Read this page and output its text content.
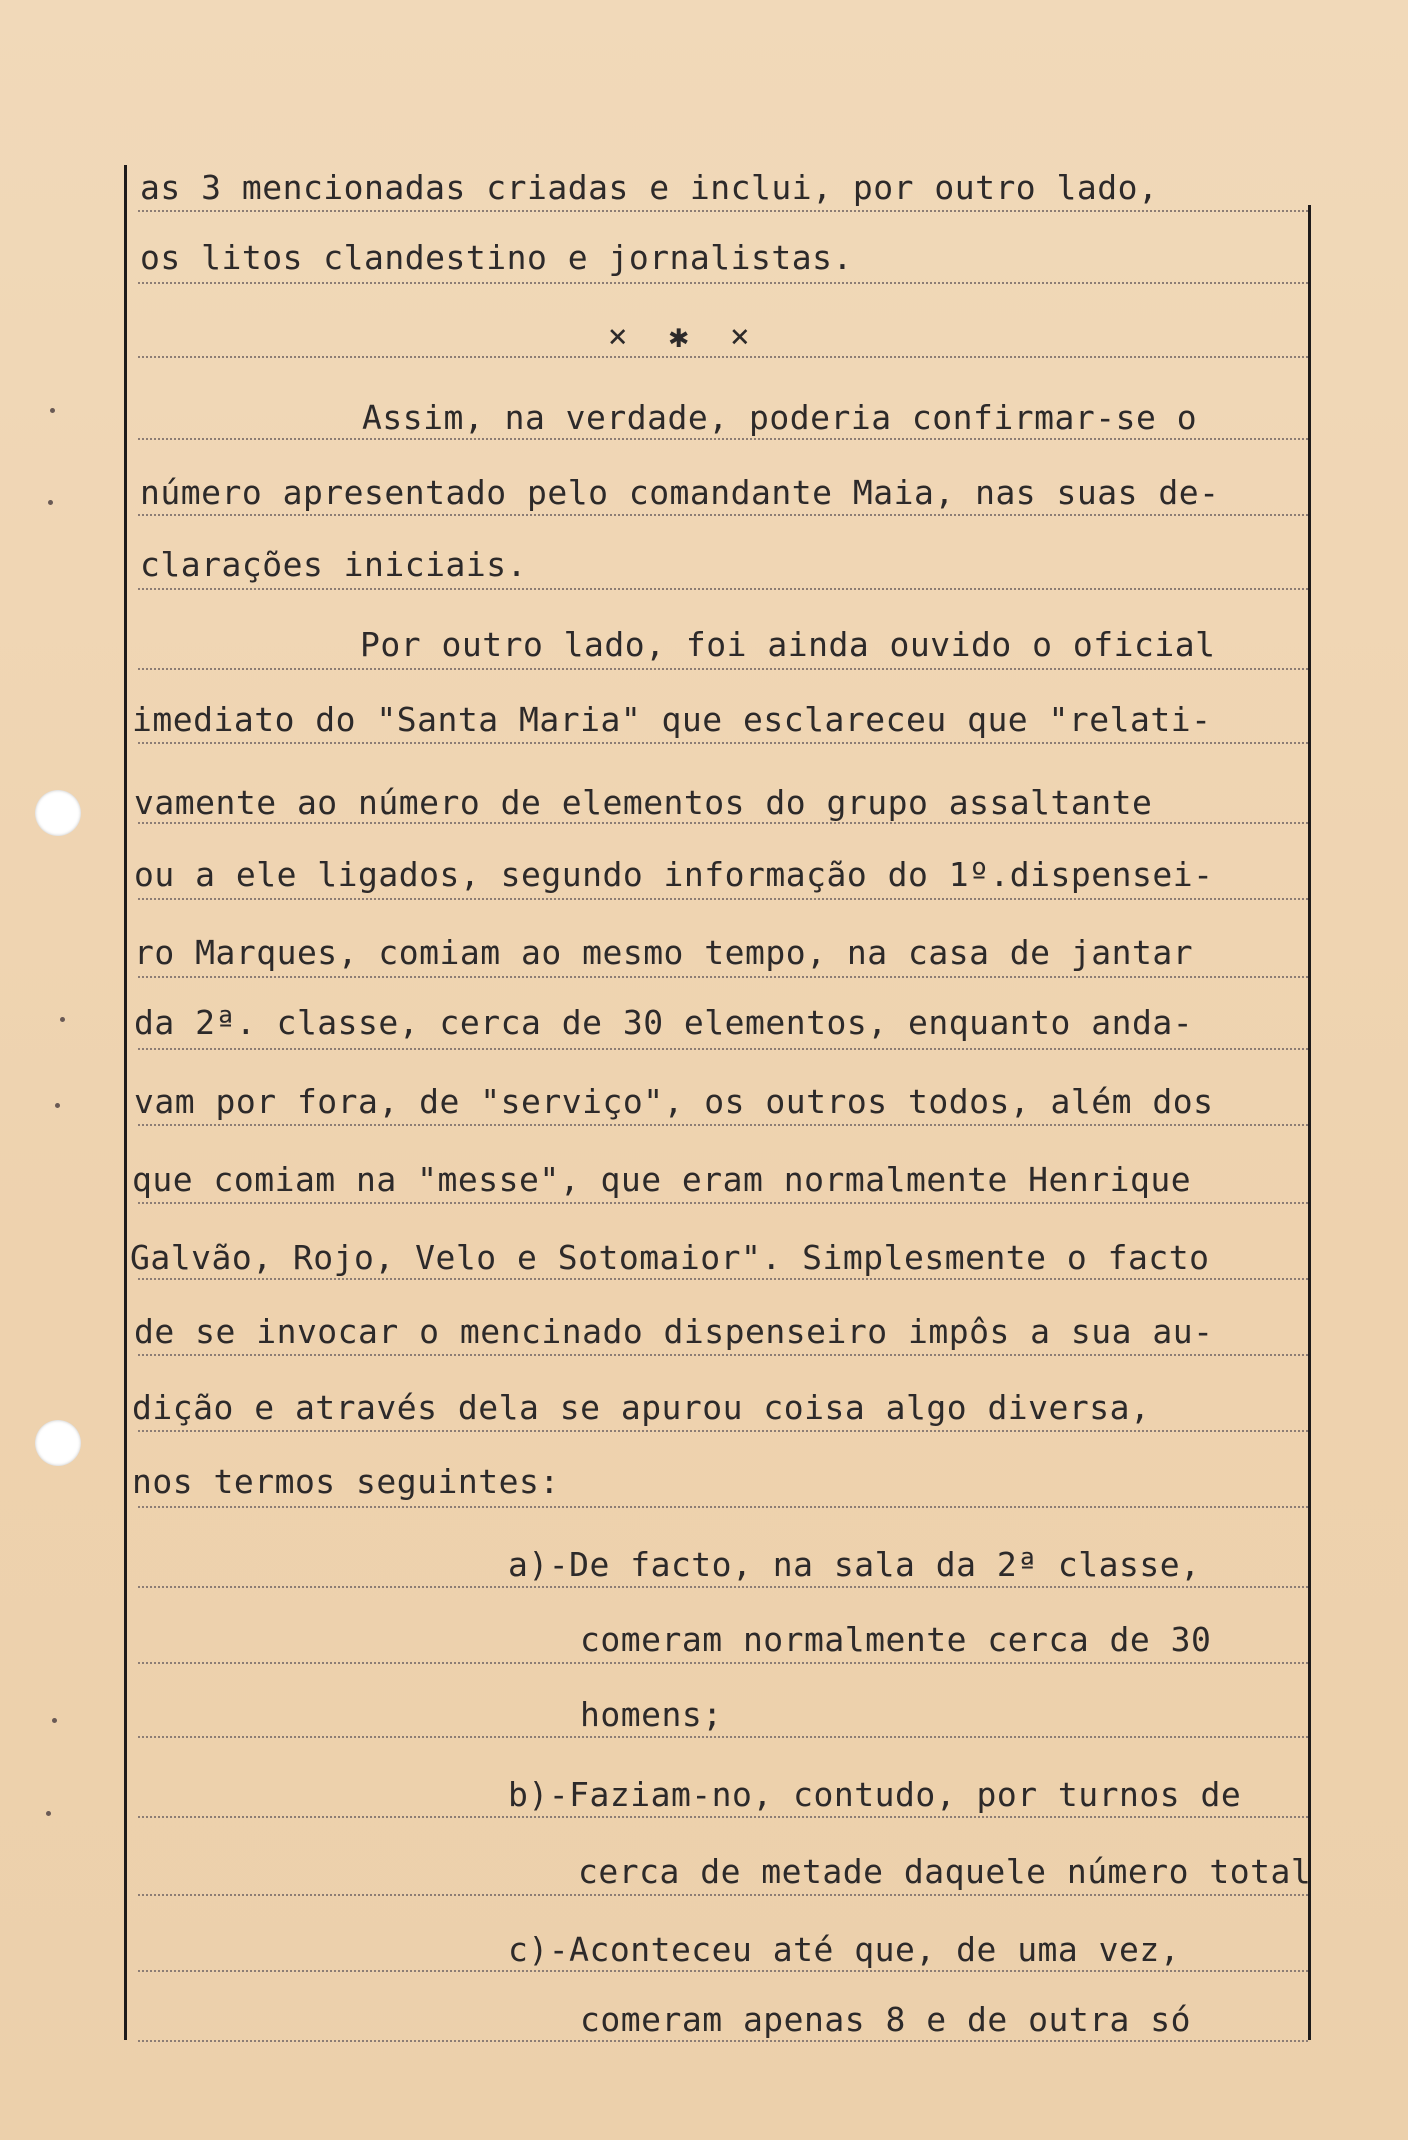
as 3 mencionadas criadas e inclui, por outro lado,
os litos clandestino e jornalistas.
×  ✱  ×
Assim, na verdade, poderia confirmar-se o
número apresentado pelo comandante Maia, nas suas de-
clarações iniciais.
Por outro lado, foi ainda ouvido o oficial
imediato do "Santa Maria" que esclareceu que "relati-
vamente ao número de elementos do grupo assaltante
ou a ele ligados, segundo informação do 1º.dispensei-
ro Marques, comiam ao mesmo tempo, na casa de jantar
da 2ª. classe, cerca de 30 elementos, enquanto anda-
vam por fora, de "serviço", os outros todos, além dos
que comiam na "messe", que eram normalmente Henrique
Galvão, Rojo, Velo e Sotomaior". Simplesmente o facto
de se invocar o mencinado dispenseiro impôs a sua au-
dição e através dela se apurou coisa algo diversa,
nos termos seguintes:
a)-De facto, na sala da 2ª classe,
comeram normalmente cerca de 30
homens;
b)-Faziam-no, contudo, por turnos de
cerca de metade daquele número total
c)-Aconteceu até que, de uma vez,
comeram apenas 8 e de outra só
